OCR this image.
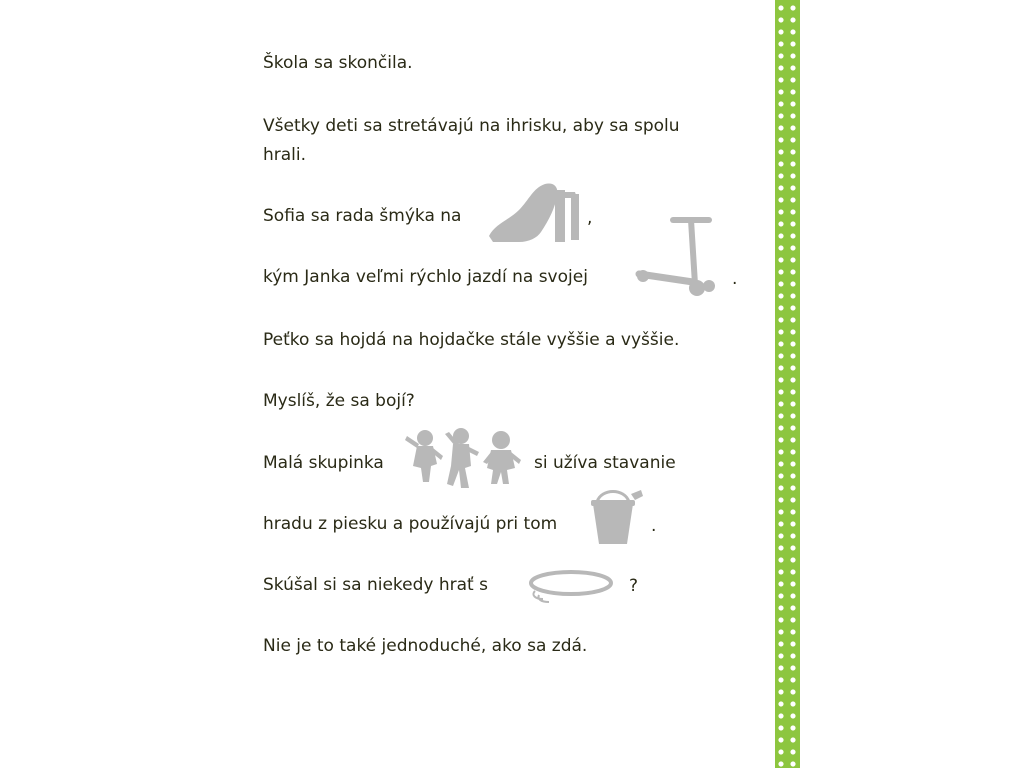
Škola sa skončila.
Všetky deti sa stretávajú na ihrisku, aby sa spolu
hrali.
Sofia sa rada šmýka na	,
kým Janka veľmi rýchlo jazdí na svojej	.
Peťko sa hojdá na hojdačke stále vyššie a vyššie.
Myslíš, že sa bojí?
Malá skupinka	si užíva stavanie
hradu z piesku a používajú pri tom	.
Skúšal si sa niekedy hrať s	?
Nie je to také jednoduché, ako sa zdá.
